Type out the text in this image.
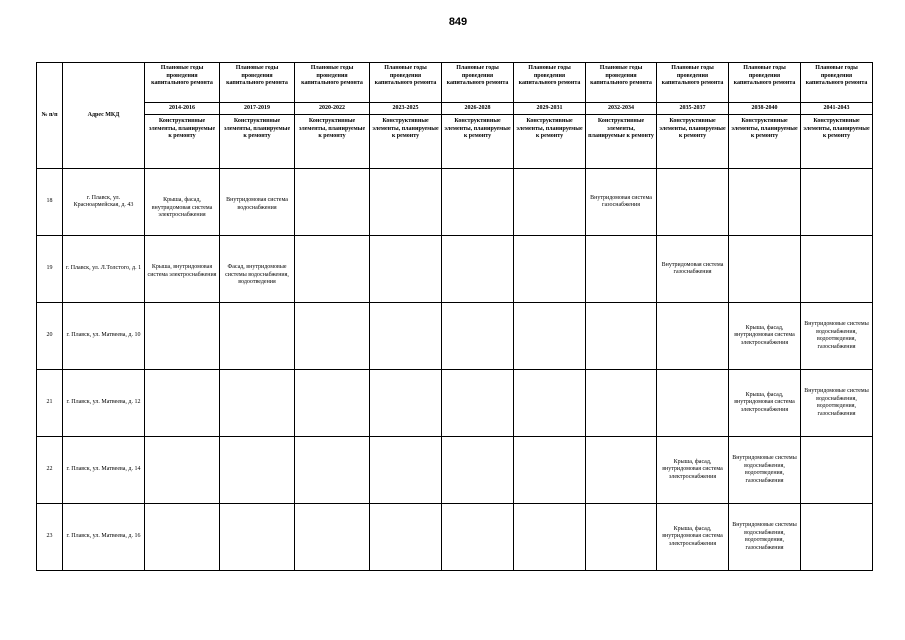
849
№ п/п	Адрес МКД	Плановые годы проведения капитального ремонта	Плановые годы проведения капитального ремонта	Плановые годы проведения капитального ремонта	Плановые годы проведения капитального ремонта	Плановые годы проведения капитального ремонта	Плановые годы проведения капитального ремонта	Плановые годы проведения капитального ремонта	Плановые годы проведения капитального ремонта	Плановые годы проведения капитального ремонта	Плановые годы проведения капитального ремонта
		2014-2016	2017-2019	2020-2022	2023-2025	2026-2028	2029-2031	2032-2034	2035-2037	2038-2040	2041-2043
		Конструктивные элементы, планируемые к ремонту	Конструктивные элементы, планируемые к ремонту	Конструктивные элементы, планируемые к ремонту	Конструктивные элементы, планируемые к ремонту	Конструктивные элементы, планируемые к ремонту	Конструктивные элементы, планируемые к ремонту	Конструктивные элементы, планируемые к ремонту	Конструктивные элементы, планируемые к ремонту	Конструктивные элементы, планируемые к ремонту	Конструктивные элементы, планируемые к ремонту
18	г. Плавск, ул. Красноармейская, д. 43	Крыша, фасад, внутридомовая система электроснабжения	Внутридомовая система водоснабжения					Внутридомовая система газоснабжения			
19	г. Плавск, ул. Л.Толстого, д. 1	Крыша, внутридомовая система электроснабжения	Фасад, внутридомовые системы водоснабжения, водоотведения						Внутридомовая система газоснабжения		
20	г. Плавск, ул. Матвеева, д. 10									Крыша, фасад, внутридомовая система электроснабжения	Внутридомовые системы водоснабжения, водоотведения, газоснабжения
21	г. Плавск, ул. Матвеева, д. 12									Крыша, фасад, внутридомовая система электроснабжения	Внутридомовые системы водоснабжения, водоотведения, газоснабжения
22	г. Плавск, ул. Матвеева, д. 14								Крыша, фасад, внутридомовая система электроснабжения	Внутридомовые системы водоснабжения, водоотведения, газоснабжения	
23	г. Плавск, ул. Матвеева, д. 16								Крыша, фасад, внутридомовая система электроснабжения	Внутридомовые системы водоснабжения, водоотведения, газоснабжения	
